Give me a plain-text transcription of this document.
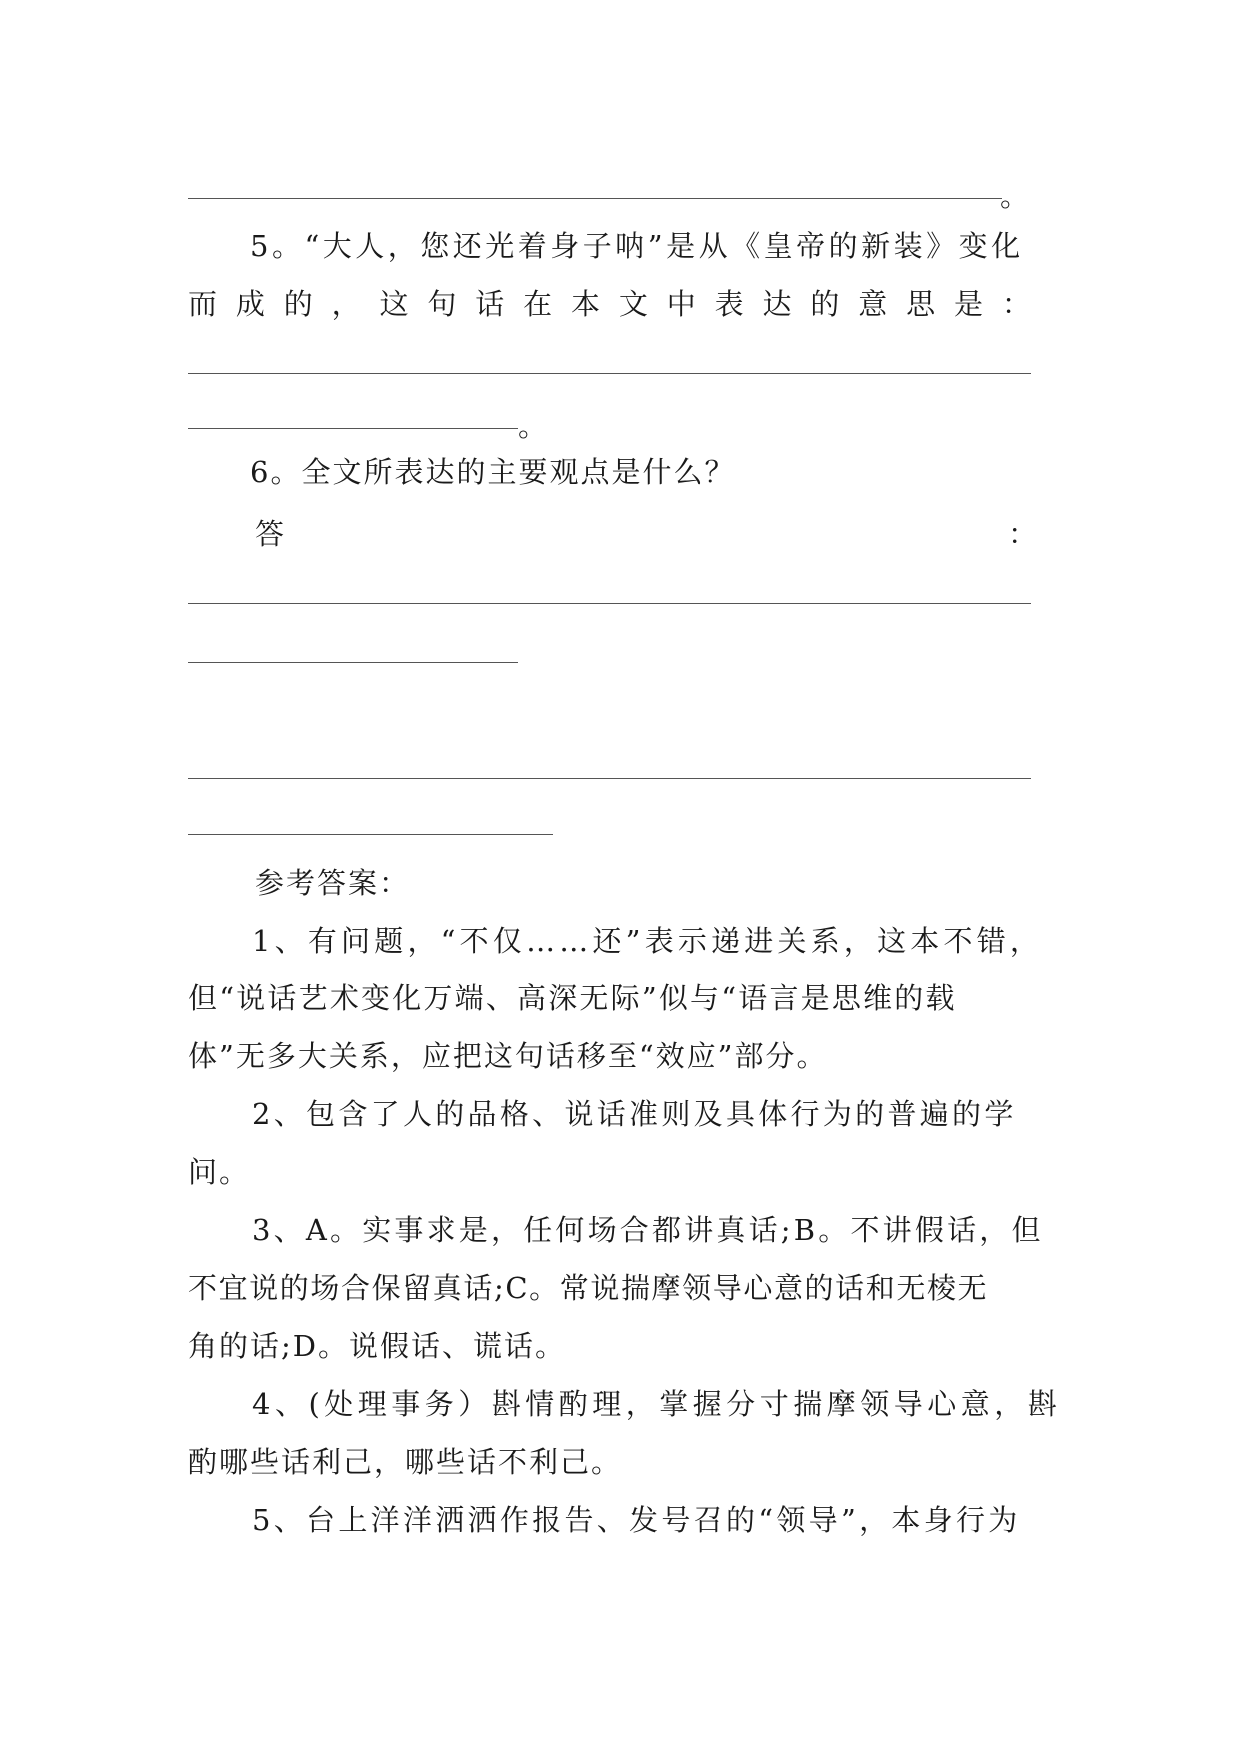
。
5。“大人，您还光着身子呐”是从《皇帝的新装》变化
而 成 的 ， 这 句 话 在 本 文 中 表 达 的 意 思 是 ：
。
6。全文所表达的主要观点是什么？
答	：
参考答案：
1、有问题，“不仅……还”表示递进关系，这本不错，
但“说话艺术变化万端、高深无际”似与“语言是思维的载
体”无多大关系，应把这句话移至“效应”部分。
2、包含了人的品格、说话准则及具体行为的普遍的学
问。
3、A。实事求是，任何场合都讲真话;B。不讲假话，但
不宜说的场合保留真话;C。常说揣摩领导心意的话和无棱无
角的话;D。说假话、谎话。
4、(处理事务）斟情酌理，掌握分寸揣摩领导心意，斟
酌哪些话利己，哪些话不利己。
5、台上洋洋洒洒作报告、发号召的“领导”，本身行为
